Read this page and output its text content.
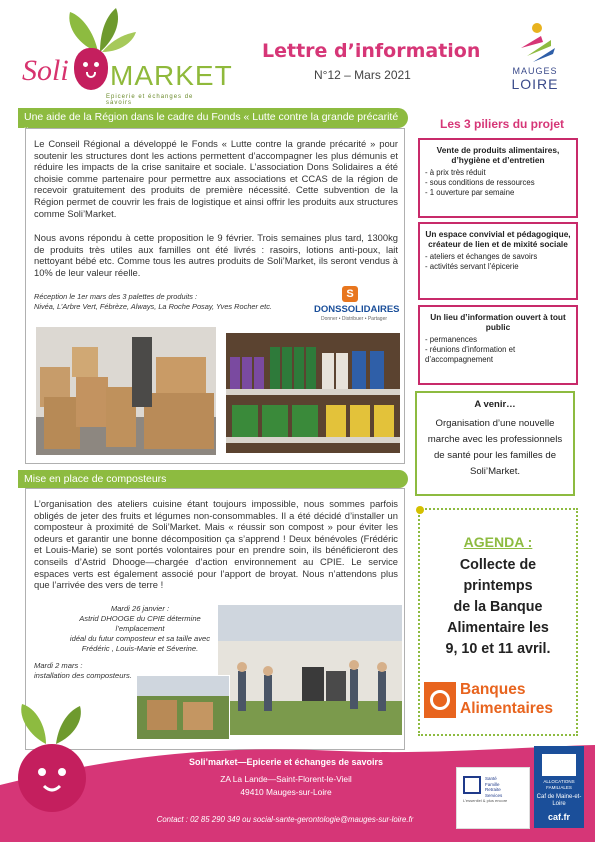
Soli MARKET
Epicerie et échanges de savoirs
Lettre d’information
N°12 – Mars 2021	MAUGES
LOIRE
Une aide de la Région dans le cadre du Fonds « Lutte contre la grande précarité »
Le Conseil Régional a développé le Fonds « Lutte contre la grande précarité » pour soutenir les structures dont les actions permettent d’accompagner les plus démunis et réduire les impacts de la crise sanitaire et sociale. L’association Dons Solidaires a été choisie comme partenaire pour permettre aux associations et CCAS de la région de recevoir gratuitement des produits de première nécessité. Cette subvention de la Région permet de couvrir les frais de logistique et ainsi offrir les produits aux structures comme Soli’Market.
Nous avons répondu à cette proposition le 9 février. Trois semaines plus tard, 1300kg de produits très utiles aux familles ont été livrés : rasoirs, lotions anti-poux, lait nettoyant bébé etc. Comme tous les autres produits de Soli’Market, ils seront vendus à 10% de leur valeur réelle.
Réception le 1er mars des 3 palettes de produits :
Nivéa, L’Arbre Vert, Fébrèze, Always, La Roche Posay, Yves Rocher etc.
S
DONSSOLIDAIRES
Donner • Distribuer • Partager
Mise en place de composteurs
L’organisation des ateliers cuisine étant toujours impossible, nous sommes parfois obligés de jeter des fruits et légumes non-consommables. Il a été décidé d’installer un composteur à proximité de Soli’Market. Mais « réussir son compost » pour éviter les odeurs et garantir une bonne décomposition ça s’apprend ! Deux bénévoles (Frédéric et Louis-Marie) se sont portés volontaires pour en prendre soin, ils bénéficieront des conseils d’Astrid Dhooge—chargée d’action environnement au CPIE. Le service espaces verts est également associé pour l’apport de broyat. Nous n’attendons plus que l’arrivée des vers de terre !
Mardi 26 janvier :
Astrid DHOOGE du CPIE détermine l’emplacement
idéal du futur composteur et sa taille avec
Frédéric , Louis-Marie et Séverine.
Mardi 2 mars :
installation des composteurs.
Les 3 piliers du projet
Vente de produits alimentaires, d’hygiène et d’entretien
- à prix très réduit
- sous conditions de ressources
- 1 ouverture par semaine
Un espace convivial et pédagogique, créateur de lien et de mixité sociale
- ateliers et échanges de savoirs
- activités servant l’épicerie
Un lieu d’information ouvert à tout public
- permanences
- réunions d’information et d’accompagnement
A venir…
Organisation d’une nouvelle marche avec les professionnels de santé pour les familles de Soli’Market.
AGENDA :
Collecte de
printemps
de la Banque
Alimentaire les
9, 10 et 11 avril.
Banques
Alimentaires
Soli’market—Epicerie et échanges de savoirs
ZA La Lande—Saint-Florent-le-Vieil
49410 Mauges-sur-Loire
Contact : 02 85 290 349 ou social-sante-gerontologie@mauges-sur-loire.fr
Santé
Famille
Retraite
Services
L’essentiel & plus encore
ALLOCATIONS FAMILIALES
Caf de Maine-et-Loire
caf.fr
